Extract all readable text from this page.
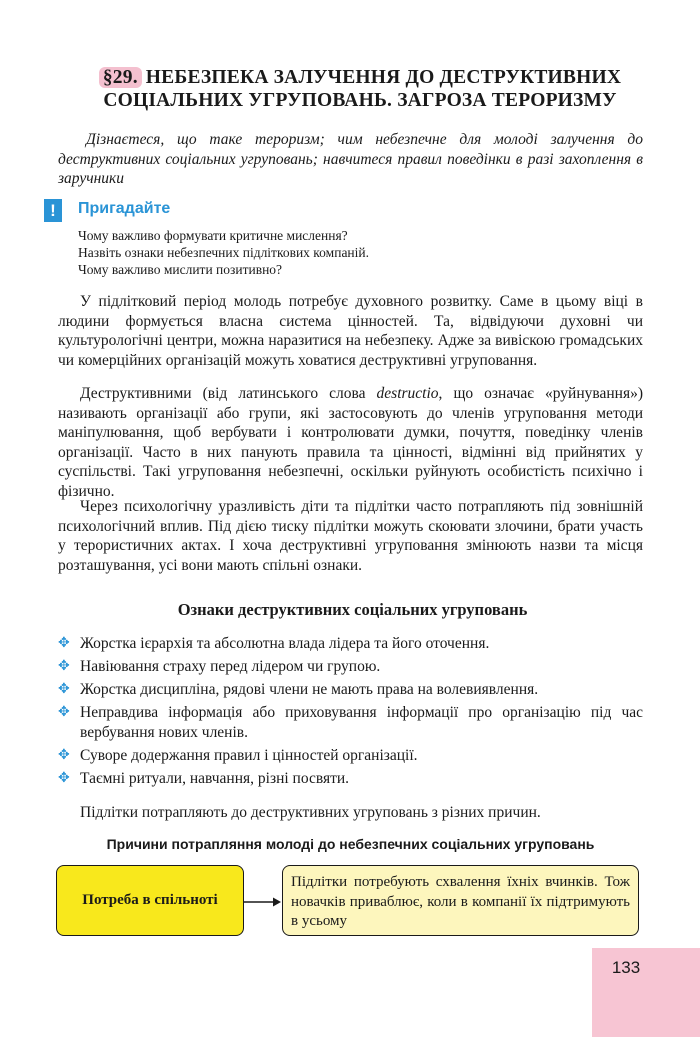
§29. НЕБЕЗПЕКА ЗАЛУЧЕННЯ ДО ДЕСТРУКТИВНИХ
СОЦІАЛЬНИХ УГРУПОВАНЬ. ЗАГРОЗА ТЕРОРИЗМУ

Дізнаєтеся, що таке тероризм; чим небезпечне для молоді залучення до деструктивних соціальних угруповань; навчитеся правил поведінки в разі захоплення в заручники

!	Пригадайте
Чому важливо формувати критичне мислення?
Назвіть ознаки небезпечних підліткових компаній.
Чому важливо мислити позитивно?

У підлітковий період молодь потребує духовного розвитку. Саме в цьому віці в людини формується власна система цінностей. Та, відвідуючи духовні чи культурологічні центри, можна наразитися на небезпеку. Адже за вивіскою громадських чи комерційних організацій можуть ховатися деструктивні угруповання.

Деструктивними (від латинського слова destructio, що означає «руйнування») називають організації або групи, які застосовують до членів угруповання методи маніпулювання, щоб вербувати і контролювати думки, почуття, поведінку членів організації. Часто в них панують правила та цінності, відмінні від прийнятих у суспільстві. Такі угруповання небезпечні, оскільки руйнують особистість психічно і фізично.

Через психологічну уразливість діти та підлітки часто потрапляють під зовнішній психологічний вплив. Під дією тиску підлітки можуть скоювати злочини, брати участь у терористичних актах. І хоча деструктивні угруповання змінюють назви та місця розташування, усі вони мають спільні ознаки.

Ознаки деструктивних соціальних угруповань
✥ Жорстка ієрархія та абсолютна влада лідера та його оточення.
✥ Навіювання страху перед лідером чи групою.
✥ Жорстка дисципліна, рядові члени не мають права на волевиявлення.
✥ Неправдива інформація або приховування інформації про організацію під час вербування нових членів.
✥ Суворе додержання правил і цінностей організації.
✥ Таємні ритуали, навчання, різні посвяти.

Підлітки потрапляють до деструктивних угруповань з різних причин.

Причини потрапляння молоді до небезпечних соціальних угруповань
Потреба в спільноті
Підлітки потребують схвалення їхніх вчинків. Тож новачків приваблює, коли в компанії їх підтримують в усьому
133
